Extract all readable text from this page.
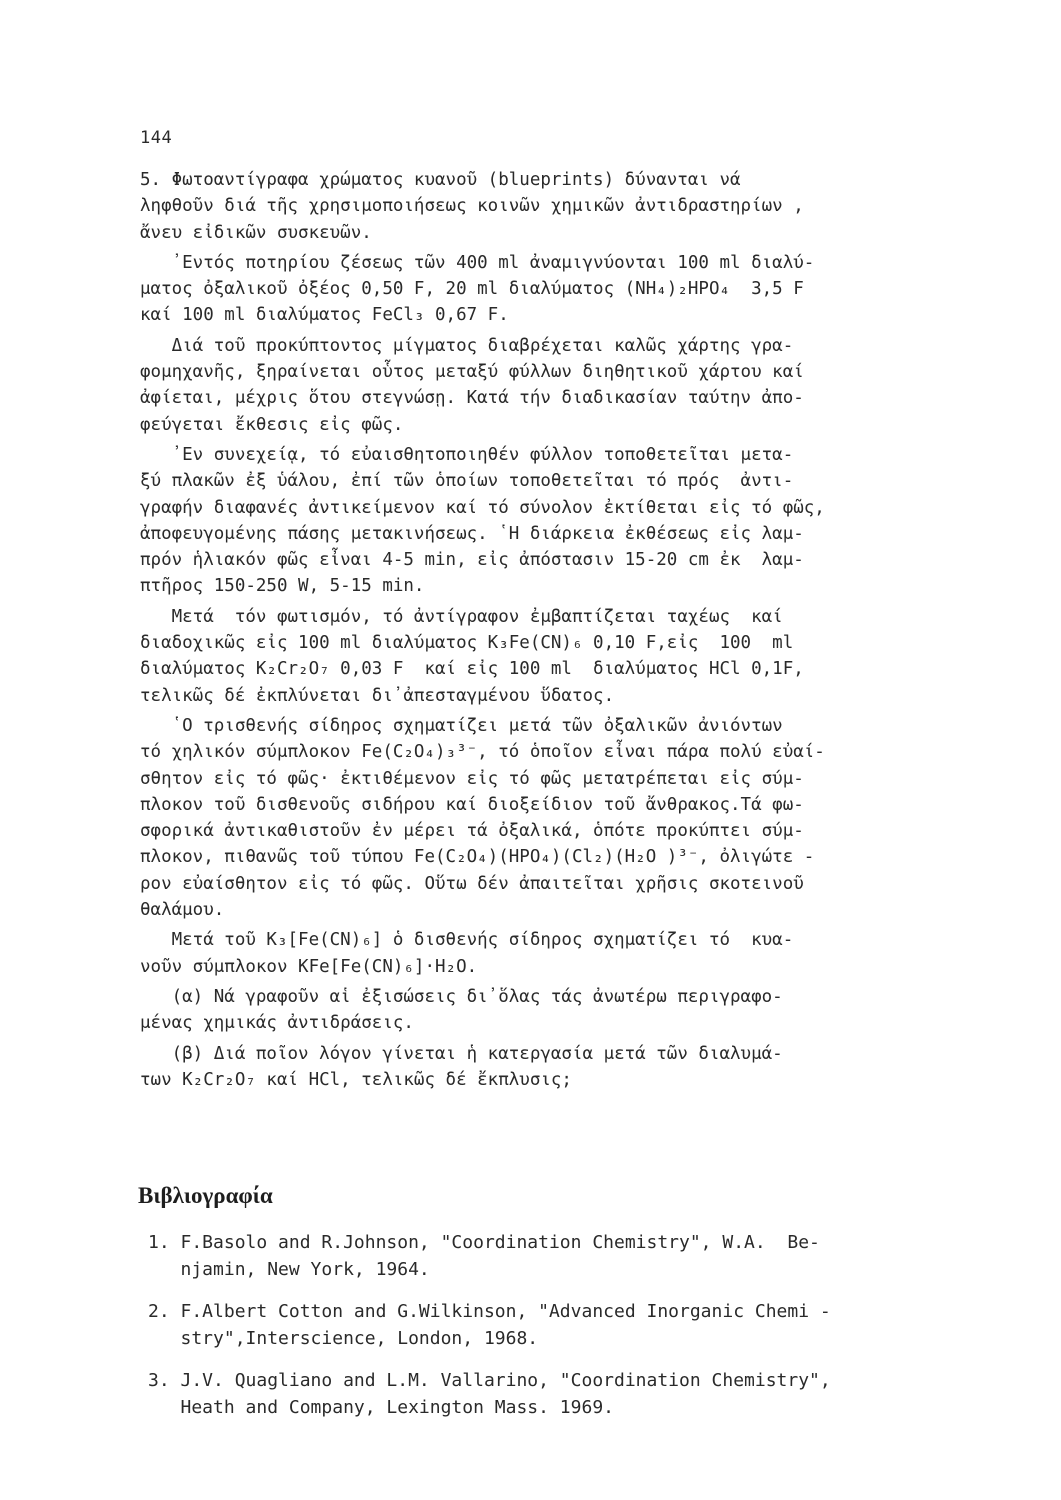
144
5. Φωτοαντίγραφα χρώματος κυανοῦ (blueprints) δύνανται νά
ληφθοῦν διά τῆς χρησιμοποιήσεως κοινῶν χημικῶν ἀντιδραστηρίων ,
ἄνευ εἰδικῶν συσκευῶν.
᾿Εντός ποτηρίου ζέσεως τῶν 400 ml ἀναμιγνύονται 100 ml διαλύ-
ματος ὀξαλικοῦ ὀξέος 0,50 F, 20 ml διαλύματος (NH₄)₂HPO₄  3,5 F
καί 100 ml διαλύματος FeCl₃ 0,67 F.
Διά τοῦ προκύπτοντος μίγματος διαβρέχεται καλῶς χάρτης γρα-
φομηχανῆς, ξηραίνεται οὗτος μεταξύ φύλλων διηθητικοῦ χάρτου καί
ἀφίεται, μέχρις ὅτου στεγνώσῃ. Κατά τήν διαδικασίαν ταύτην ἀπο-
φεύγεται ἔκθεσις εἰς φῶς.
᾿Εν συνεχείᾳ, τό εὐαισθητοποιηθέν φύλλον τοποθετεῖται μετα-
ξύ πλακῶν ἐξ ὑάλου, ἐπί τῶν ὁποίων τοποθετεῖται τό πρός  ἀντι-
γραφήν διαφανές ἀντικείμενον καί τό σύνολον ἐκτίθεται εἰς τό φῶς,
ἀποφευγομένης πάσης μετακινήσεως. ῾Η διάρκεια ἐκθέσεως εἰς λαμ-
πρόν ἡλιακόν φῶς εἶναι 4-5 min, εἰς ἀπόστασιν 15-20 cm ἐκ  λαμ-
πτῆρος 150-250 W, 5-15 min.
Μετά  τόν φωτισμόν, τό ἀντίγραφον ἐμβαπτίζεται ταχέως  καί
διαδοχικῶς εἰς 100 ml διαλύματος K₃Fe(CN)₆ 0,10 F,εἰς  100  ml
διαλύματος K₂Cr₂O₇ 0,03 F  καί εἰς 100 ml  διαλύματος HCl 0,1F,
τελικῶς δέ ἐκπλύνεται δι᾿ἀπεσταγμένου ὕδατος.
῾Ο τρισθενής σίδηρος σχηματίζει μετά τῶν ὀξαλικῶν ἀνιόντων
τό χηλικόν σύμπλοκον Fe(C₂O₄)₃³⁻, τό ὁποῖον εἶναι πάρα πολύ εὐαί-
σθητον εἰς τό φῶς· ἐκτιθέμενον εἰς τό φῶς μετατρέπεται εἰς σύμ-
πλοκον τοῦ δισθενοῦς σιδήρου καί διοξείδιον τοῦ ἄνθρακος.Τά φω-
σφορικά ἀντικαθιστοῦν ἐν μέρει τά ὀξαλικά, ὁπότε προκύπτει σύμ-
πλοκον, πιθανῶς τοῦ τύπου Fe(C₂O₄)(HPO₄)(Cl₂)(H₂O )³⁻, ὀλιγώτε -
ρον εὐαίσθητον εἰς τό φῶς. Οὕτω δέν ἀπαιτεῖται χρῆσις σκοτεινοῦ
θαλάμου.
Μετά τοῦ K₃[Fe(CN)₆] ὁ δισθενής σίδηρος σχηματίζει τό  κυα-
νοῦν σύμπλοκον KFe[Fe(CN)₆]·H₂O.
(α) Νά γραφοῦν αἱ ἐξισώσεις δι᾿ὅλας τάς ἀνωτέρω περιγραφο-
μένας χημικάς ἀντιδράσεις.
(β) Διά ποῖον λόγον γίνεται ἡ κατεργασία μετά τῶν διαλυμά-
των K₂Cr₂O₇ καί HCl, τελικῶς δέ ἔκπλυσις;
Βιβλιογραφία
1. F.Basolo and R.Johnson, "Coordination Chemistry", W.A.  Be-
njamin, New York, 1964.
2. F.Albert Cotton and G.Wilkinson, "Advanced Inorganic Chemi -
stry",Interscience, London, 1968.
3. J.V. Quagliano and L.M. Vallarino, "Coordination Chemistry",
Heath and Company, Lexington Mass. 1969.
